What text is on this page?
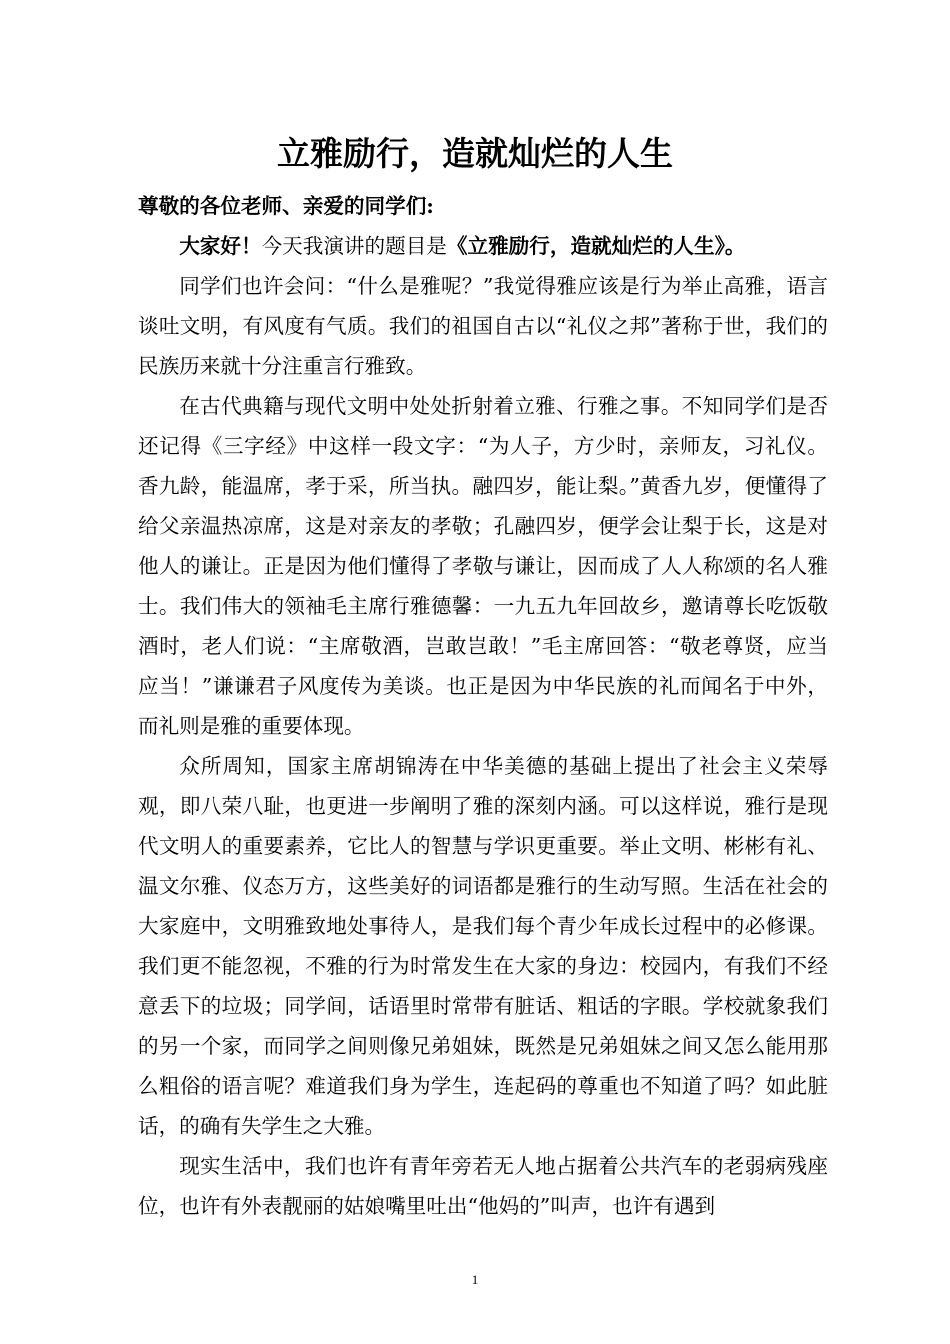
立雅励行，造就灿烂的人生

尊敬的各位老师、亲爱的同学们:

大家好！今天我演讲的题目是《立雅励行，造就灿烂的人生》。

同学们也许会问：“什么是雅呢？”我觉得雅应该是行为举止高雅，语言谈吐文明，有风度有气质。我们的祖国自古以“礼仪之邦”著称于世，我们的民族历来就十分注重言行雅致。

在古代典籍与现代文明中处处折射着立雅、行雅之事。不知同学们是否还记得《三字经》中这样一段文字：“为人子，方少时，亲师友，习礼仪。香九龄，能温席，孝于采，所当执。融四岁，能让梨。”黄香九岁，便懂得了给父亲温热凉席，这是对亲友的孝敬；孔融四岁，便学会让梨于长，这是对他人的谦让。正是因为他们懂得了孝敬与谦让，因而成了人人称颂的名人雅士。我们伟大的领袖毛主席行雅德馨：一九五九年回故乡，邀请尊长吃饭敬酒时，老人们说：“主席敬酒，岂敢岂敢！”毛主席回答：“敬老尊贤，应当应当！”谦谦君子风度传为美谈。也正是因为中华民族的礼而闻名于中外，而礼则是雅的重要体现。

众所周知，国家主席胡锦涛在中华美德的基础上提出了社会主义荣辱观，即八荣八耻，也更进一步阐明了雅的深刻内涵。可以这样说，雅行是现代文明人的重要素养，它比人的智慧与学识更重要。举止文明、彬彬有礼、温文尔雅、仪态万方，这些美好的词语都是雅行的生动写照。生活在社会的大家庭中，文明雅致地处事待人，是我们每个青少年成长过程中的必修课。我们更不能忽视，不雅的行为时常发生在大家的身边：校园内，有我们不经意丢下的垃圾；同学间，话语里时常带有脏话、粗话的字眼。学校就象我们的另一个家，而同学之间则像兄弟姐妹，既然是兄弟姐妹之间又怎么能用那么粗俗的语言呢？难道我们身为学生，连起码的尊重也不知道了吗？如此脏话，的确有失学生之大雅。

现实生活中，我们也许有青年旁若无人地占据着公共汽车的老弱病残座位，也许有外表靓丽的姑娘嘴里吐出“他妈的”叫声，也许有遇到

1
